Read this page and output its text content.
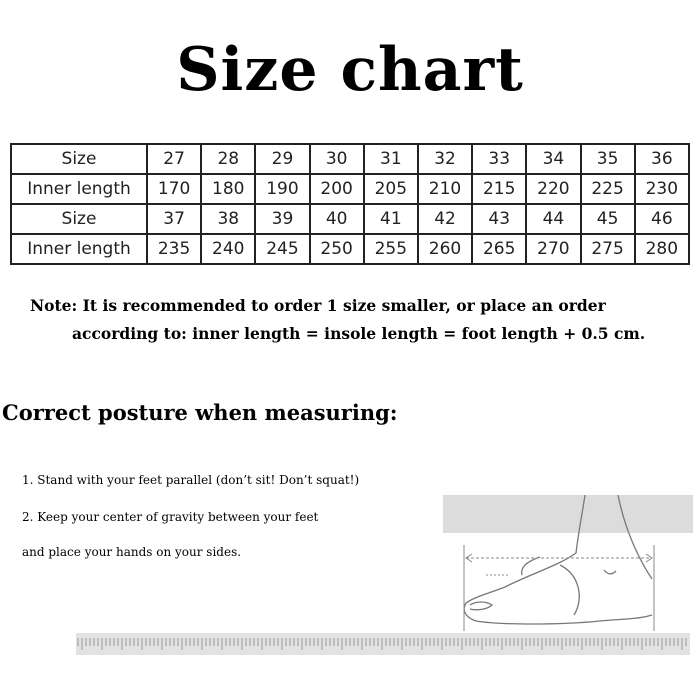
Size chart
Size	27	28	29	30	31	32	33	34	35	36
Inner length	170	180	190	200	205	210	215	220	225	230
Size	37	38	39	40	41	42	43	44	45	46
Inner length	235	240	245	250	255	260	265	270	275	280
Note: It is recommended to order 1 size smaller, or place an order
according to: inner length = insole length = foot length + 0.5 cm.
Correct posture when measuring:
1. Stand with your feet parallel (don’t sit! Don’t squat!)
2. Keep your center of gravity between your feet
and place your hands on your sides.
